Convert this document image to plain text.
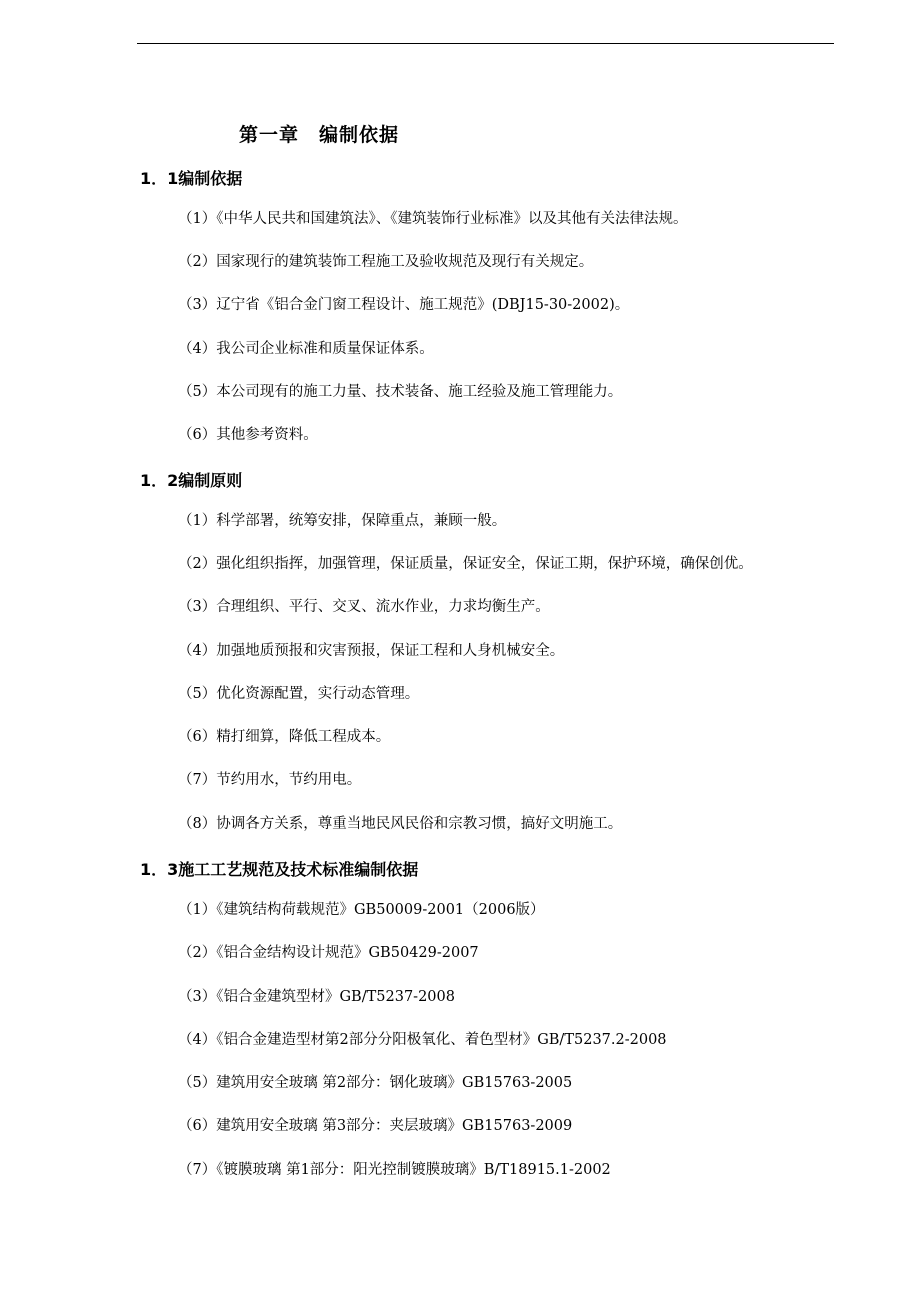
第一章　编制依据
1．1编制依据

（1）《中华人民共和国建筑法》、《建筑装饰行业标准》以及其他有关法律法规。

（2）国家现行的建筑装饰工程施工及验收规范及现行有关规定。

（3）辽宁省《铝合金门窗工程设计、施工规范》(DBJ15-30-2002)。

（4）我公司企业标准和质量保证体系。

（5）本公司现有的施工力量、技术装备、施工经验及施工管理能力。

（6）其他参考资料。

1．2编制原则

（1）科学部署，统筹安排，保障重点，兼顾一般。

（2）强化组织指挥，加强管理，保证质量，保证安全，保证工期，保护环境，确保创优。

（3）合理组织、平行、交叉、流水作业，力求均衡生产。

（4）加强地质预报和灾害预报，保证工程和人身机械安全。

（5）优化资源配置，实行动态管理。

（6）精打细算，降低工程成本。

（7）节约用水，节约用电。

（8）协调各方关系，尊重当地民风民俗和宗教习惯，搞好文明施工。

1．3施工工艺规范及技术标准编制依据

（1）《建筑结构荷载规范》GB50009-2001（2006版）

（2）《铝合金结构设计规范》GB50429-2007

（3）《铝合金建筑型材》GB/T5237-2008

（4）《铝合金建造型材第2部分分阳极氧化、着色型材》GB/T5237.2-2008

（5）建筑用安全玻璃 第2部分：钢化玻璃》GB15763-2005

（6）建筑用安全玻璃 第3部分：夹层玻璃》GB15763-2009

（7）《镀膜玻璃 第1部分：阳光控制镀膜玻璃》B/T18915.1-2002
